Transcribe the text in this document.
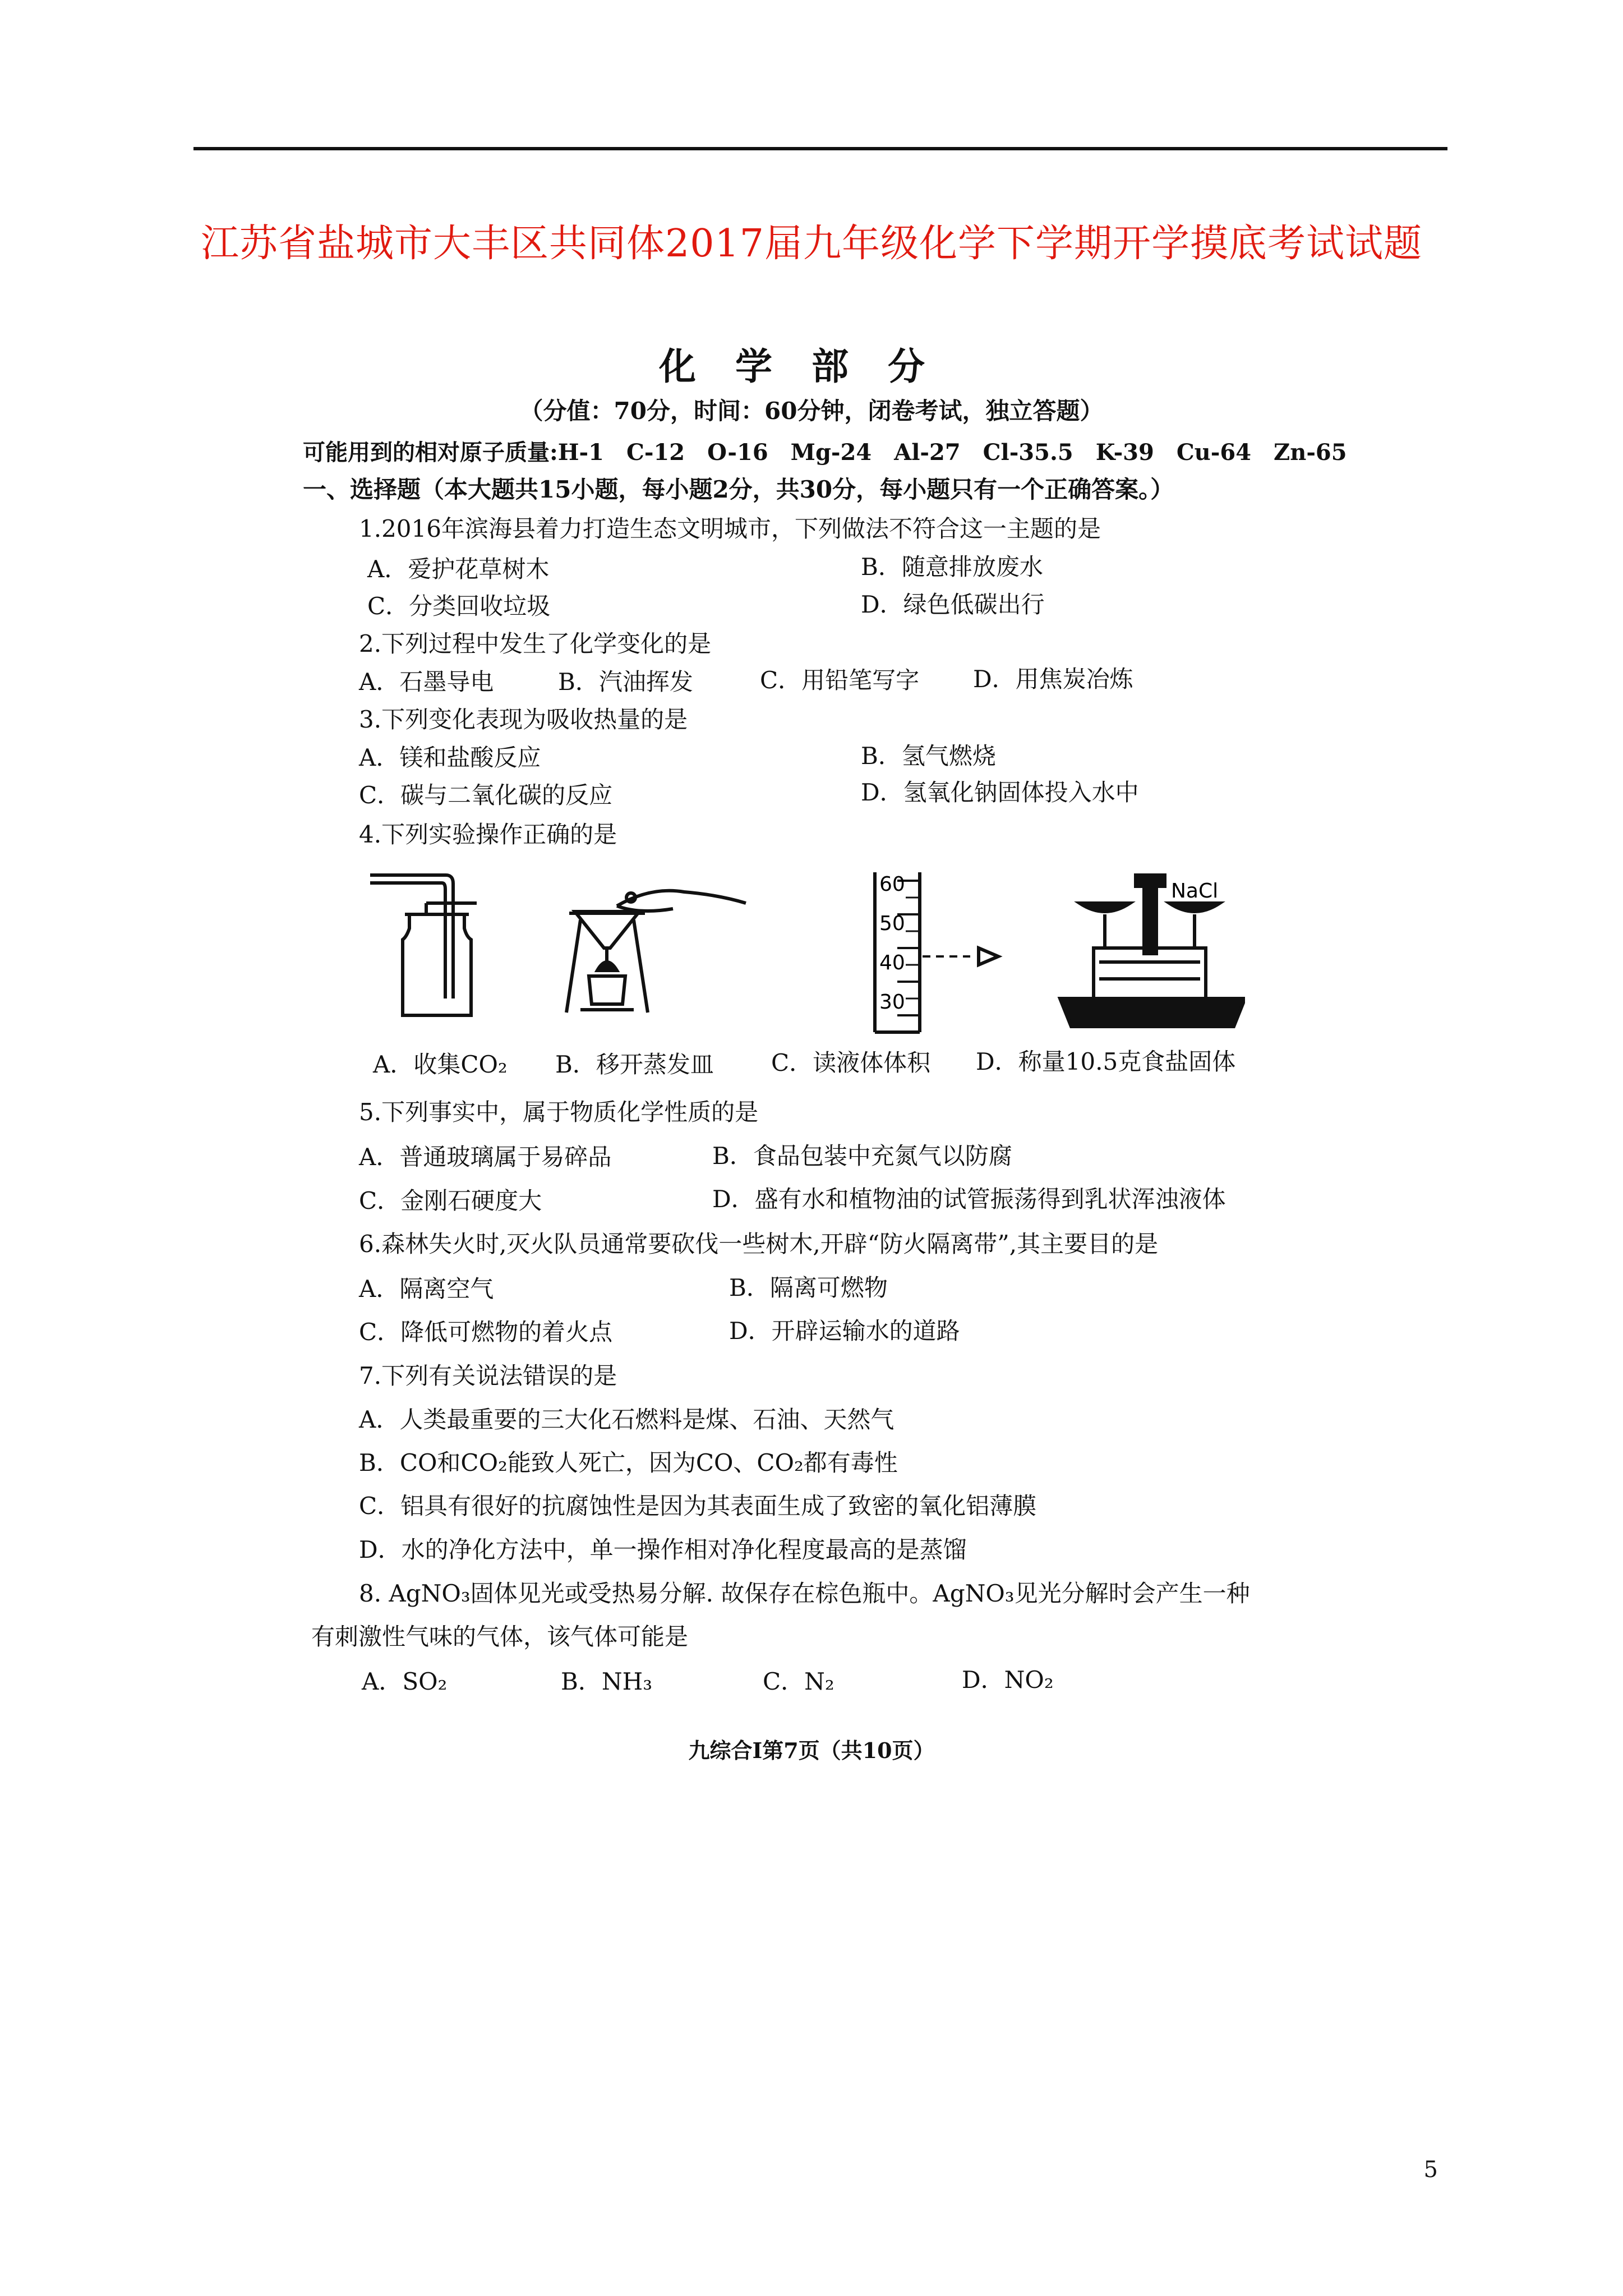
江苏省盐城市大丰区共同体2017届九年级化学下学期开学摸底考试试题
化学部分
（分值：70分，时间：60分钟，闭卷考试，独立答题）
可能用到的相对原子质量:H-1　C-12　O-16　Mg-24　Al-27　Cl-35.5　K-39　Cu-64　Zn-65
一、选择题（本大题共15小题，每小题2分，共30分，每小题只有一个正确答案。）
1.2016年滨海县着力打造生态文明城市，下列做法不符合这一主题的是
A．爱护花草树木	B．随意排放废水
C．分类回收垃圾	D．绿色低碳出行
2.下列过程中发生了化学变化的是
A．石墨导电	B．汽油挥发	C．用铅笔写字 D．用焦炭冶炼
3.下列变化表现为吸收热量的是
A．镁和盐酸反应	B．氢气燃烧
C．碳与二氧化碳的反应	D．氢氧化钠固体投入水中
4.下列实验操作正确的是
60
50
40
30
NaCl
A．收集CO₂ B．移开蒸发皿 C．读液体体积 D．称量10.5克食盐固体
5.下列事实中，属于物质化学性质的是
A．普通玻璃属于易碎品	B．食品包装中充氮气以防腐
C．金刚石硬度大	D．盛有水和植物油的试管振荡得到乳状浑浊液体
6.森林失火时,灭火队员通常要砍伐一些树木,开辟“防火隔离带”,其主要目的是
A．隔离空气	B．隔离可燃物
C．降低可燃物的着火点	D．开辟运输水的道路
7.下列有关说法错误的是
A．人类最重要的三大化石燃料是煤、石油、天然气
B．CO和CO₂能致人死亡，因为CO、CO₂都有毒性
C．铝具有很好的抗腐蚀性是因为其表面生成了致密的氧化铝薄膜
D．水的净化方法中，单一操作相对净化程度最高的是蒸馏
8. AgNO₃固体见光或受热易分解. 故保存在棕色瓶中。AgNO₃见光分解时会产生一种
有刺激性气味的气体，该气体可能是
A．SO₂	B．NH₃	C．N₂	D．NO₂
九综合Ⅰ第7页（共10页）
5
